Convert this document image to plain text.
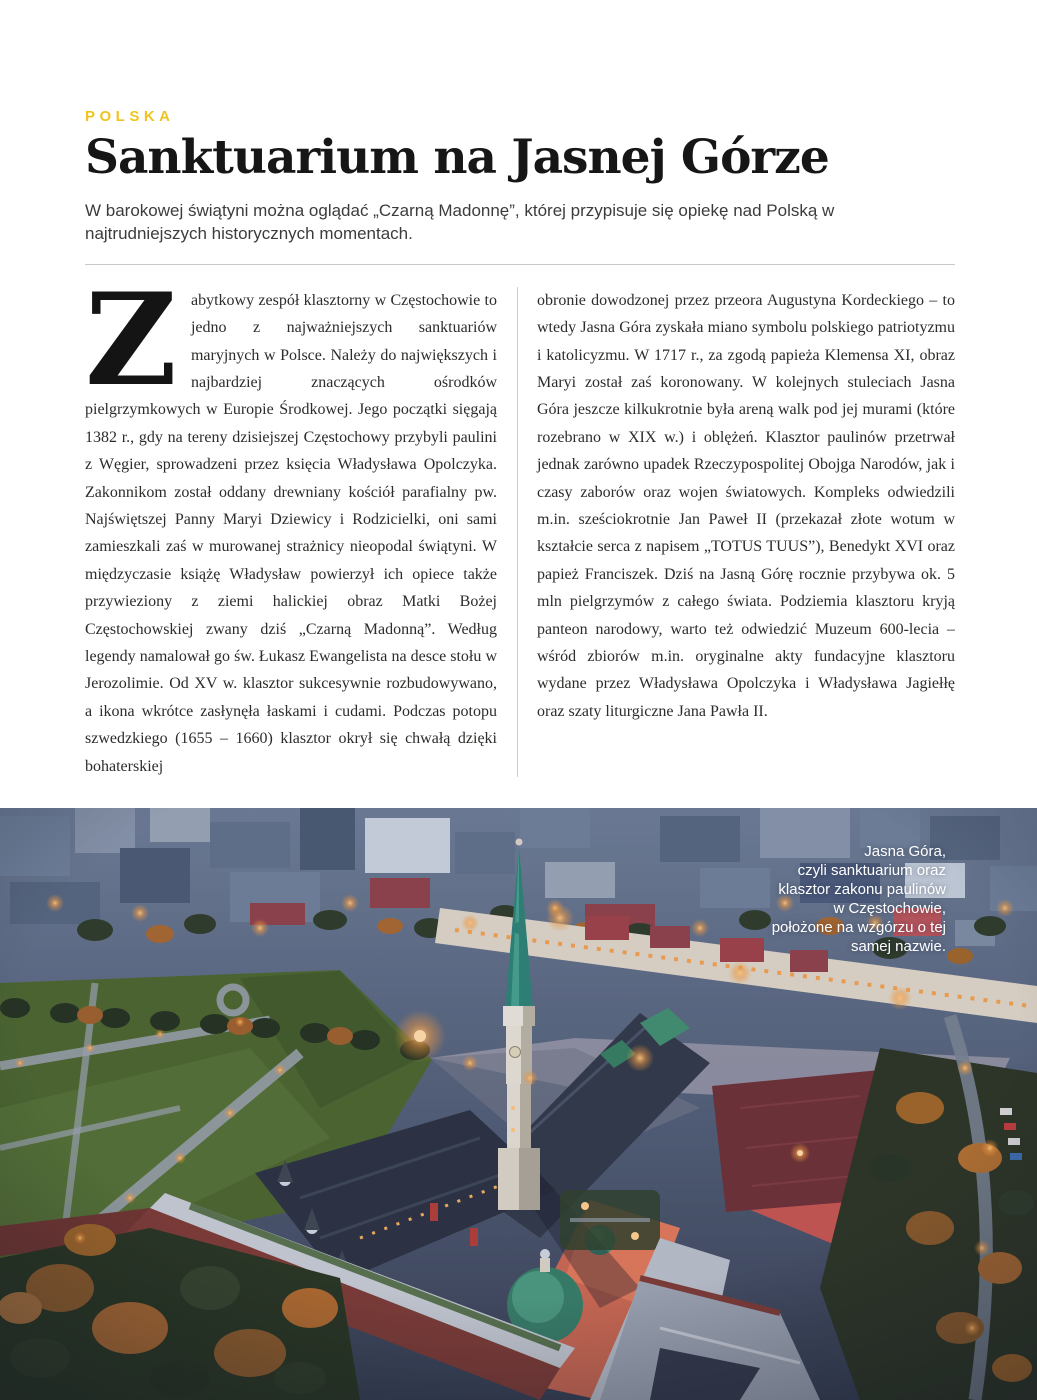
POLSKA
Sanktuarium na Jasnej Górze

W barokowej świątyni można oglądać „Czarną Madonnę”, której przypisuje się opiekę nad Polską w najtrudniejszych historycznych momentach.

Zabytkowy zespół klasztorny w Częstochowie to jedno z najważniejszych sanktuariów maryjnych w Polsce. Należy do największych i najbardziej znaczących ośrodków pielgrzymkowych w Europie Środkowej. Jego początki sięgają 1382 r., gdy na tereny dzisiejszej Częstochowy przybyli paulini z Węgier, sprowadzeni przez księcia Władysława Opolczyka. Zakonnikom został oddany drewniany kościół parafialny pw. Najświętszej Panny Maryi Dziewicy i Rodzicielki, oni sami zamieszkali zaś w murowanej strażnicy nieopodal świątyni. W międzyczasie książę Władysław powierzył ich opiece także przywieziony z ziemi halickiej obraz Matki Bożej Częstochowskiej zwany dziś „Czarną Madonną”. Według legendy namalował go św. Łukasz Ewangelista na desce stołu w Jerozolimie. Od XV w. klasztor sukcesywnie rozbudowywano, a ikona wkrótce zasłynęła łaskami i cudami. Podczas potopu szwedzkiego (1655 – 1660) klasztor okrył się chwałą dzięki bohaterskiej
obronie dowodzonej przez przeora Augustyna Kordeckiego – to wtedy Jasna Góra zyskała miano symbolu polskiego patriotyzmu i katolicyzmu. W 1717 r., za zgodą papieża Klemensa XI, obraz Maryi został zaś koronowany. W kolejnych stuleciach Jasna Góra jeszcze kilkukrotnie była areną walk pod jej murami (które rozebrano w XIX w.) i oblężeń. Klasztor paulinów przetrwał jednak zarówno upadek Rzeczypospolitej Obojga Narodów, jak i czasy zaborów oraz wojen światowych. Kompleks odwiedzili m.in. sześciokrotnie Jan Paweł II (przekazał złote wotum w kształcie serca z napisem „TOTUS TUUS”), Benedykt XVI oraz papież Franciszek. Dziś na Jasną Górę rocznie przybywa ok. 5 mln pielgrzymów z całego świata. Podziemia klasztoru kryją panteon narodowy, warto też odwiedzić Muzeum 600-lecia – wśród zbiorów m.in. oryginalne akty fundacyjne klasztoru wydane przez Władysława Opolczyka i Władysława Jagiełłę oraz szaty liturgiczne Jana Pawła II.
Jasna Góra,
czyli sanktuarium oraz
klasztor zakonu paulinów
w Częstochowie,
położone na wzgórzu o tej
samej nazwie.
